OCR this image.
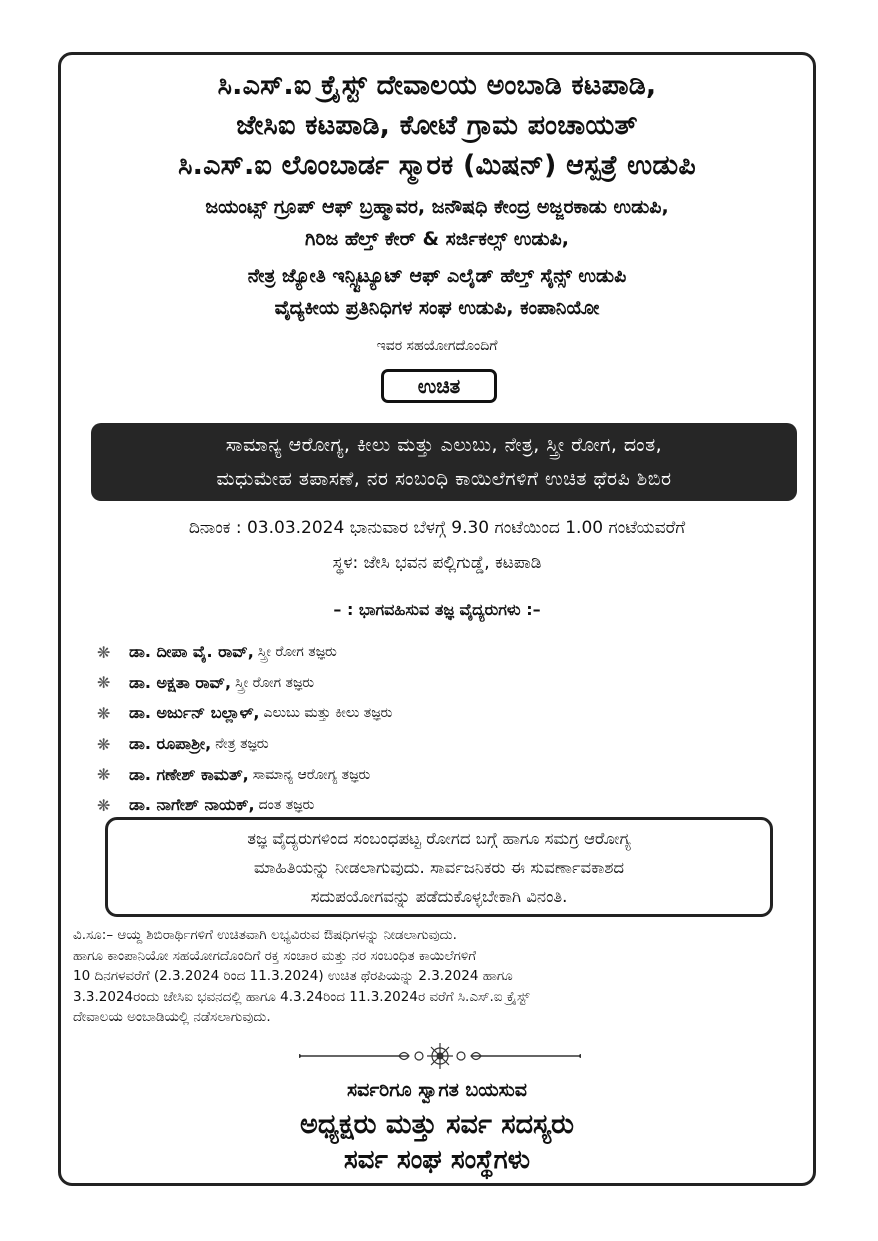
ಸಿ.ಎಸ್.ಐ ಕ್ರೈಸ್ಟ್ ದೇವಾಲಯ ಅಂಬಾಡಿ ಕಟಪಾಡಿ,
ಜೇಸಿಐ ಕಟಪಾಡಿ, ಕೋಟೆ ಗ್ರಾಮ ಪಂಚಾಯತ್
ಸಿ.ಎಸ್.ಐ ಲೊಂಬಾರ್ಡ ಸ್ಮಾರಕ (ಮಿಷನ್) ಆಸ್ಪತ್ರೆ ಉಡುಪಿ
ಜಯಂಟ್ಸ್ ಗ್ರೂಪ್ ಆಫ್ ಬ್ರಹ್ಮಾವರ, ಜನೌಷಧಿ ಕೇಂದ್ರ ಅಜ್ಜರಕಾಡು ಉಡುಪಿ,
ಗಿರಿಜ ಹೆಲ್ತ್ ಕೇರ್ & ಸರ್ಜಿಕಲ್ಸ್ ಉಡುಪಿ,
ನೇತ್ರ ಜ್ಯೋತಿ ಇನ್ಸ್ಟಿಟ್ಯೂಟ್ ಆಫ್ ಎಲೈಡ್ ಹೆಲ್ತ್ ಸೈನ್ಸ್ ಉಡುಪಿ
ವೈದ್ಯಕೀಯ ಪ್ರತಿನಿಧಿಗಳ ಸಂಘ ಉಡುಪಿ, ಕಂಪಾನಿಯೋ
ಇವರ ಸಹಯೋಗದೊಂದಿಗೆ
ಉಚಿತ
ಸಾಮಾನ್ಯ ಆರೋಗ್ಯ, ಕೀಲು ಮತ್ತು ಎಲುಬು, ನೇತ್ರ, ಸ್ತ್ರೀ ರೋಗ, ದಂತ,
ಮಧುಮೇಹ ತಪಾಸಣೆ, ನರ ಸಂಬಂಧಿ ಕಾಯಿಲೆಗಳಿಗೆ ಉಚಿತ ಥೆರಪಿ ಶಿಬಿರ
ದಿನಾಂಕ : 03.03.2024 ಭಾನುವಾರ ಬೆಳಗ್ಗೆ 9.30 ಗಂಟೆಯಿಂದ 1.00 ಗಂಟೆಯವರೆಗೆ
ಸ್ಥಳ: ಜೇಸಿ ಭವನ ಪಲ್ಲಿಗುಡ್ಡೆ, ಕಟಪಾಡಿ
– : ಭಾಗವಹಿಸುವ ತಜ್ಞ ವೈದ್ಯರುಗಳು :–
❋	ಡಾ. ದೀಪಾ ವೈ. ರಾವ್, ಸ್ತ್ರೀ ರೋಗ ತಜ್ಞರು
❋	ಡಾ. ಅಕ್ಷತಾ ರಾವ್, ಸ್ತ್ರೀ ರೋಗ ತಜ್ಞರು
❋	ಡಾ. ಅರ್ಜುನ್ ಬಲ್ಲಾಳ್, ಎಲುಬು ಮತ್ತು ಕೀಲು ತಜ್ಞರು
❋	ಡಾ. ರೂಪಾಶ್ರೀ, ನೇತ್ರ ತಜ್ಞರು
❋	ಡಾ. ಗಣೇಶ್ ಕಾಮತ್, ಸಾಮಾನ್ಯ ಆರೋಗ್ಯ ತಜ್ಞರು
❋	ಡಾ. ನಾಗೇಶ್ ನಾಯಕ್, ದಂತ ತಜ್ಞರು
ತಜ್ಞ ವೈದ್ಯರುಗಳಿಂದ ಸಂಬಂಧಪಟ್ಟ ರೋಗದ ಬಗ್ಗೆ ಹಾಗೂ ಸಮಗ್ರ ಆರೋಗ್ಯ
ಮಾಹಿತಿಯನ್ನು ನೀಡಲಾಗುವುದು. ಸಾರ್ವಜನಿಕರು ಈ ಸುವರ್ಣಾವಕಾಶದ
ಸದುಪಯೋಗವನ್ನು ಪಡೆದುಕೊಳ್ಳಬೇಕಾಗಿ ವಿನಂತಿ.
ವಿ.ಸೂ:– ಆಯ್ದ ಶಿಬಿರಾರ್ಥಿಗಳಿಗೆ ಉಚಿತವಾಗಿ ಲಭ್ಯವಿರುವ ಔಷಧಿಗಳನ್ನು ನೀಡಲಾಗುವುದು.
ಹಾಗೂ ಕಾಂಪಾನಿಯೋ ಸಹಯೋಗದೊಂದಿಗೆ ರಕ್ತ ಸಂಚಾರ ಮತ್ತು ನರ ಸಂಬಂಧಿತ ಕಾಯಿಲೆಗಳಿಗೆ
10 ದಿನಗಳವರೆಗೆ (2.3.2024 ರಿಂದ 11.3.2024) ಉಚಿತ ಥೆರಪಿಯನ್ನು 2.3.2024 ಹಾಗೂ
3.3.2024ರಂದು ಜೇಸಿಐ ಭವನದಲ್ಲಿ ಹಾಗೂ 4.3.24ರಿಂದ 11.3.2024ರ ವರೆಗೆ ಸಿ.ಎಸ್.ಐ ಕ್ರೈಸ್ಟ್
ದೇವಾಲಯ ಅಂಬಾಡಿಯಲ್ಲಿ ನಡೆಸಲಾಗುವುದು.
ಸರ್ವರಿಗೂ ಸ್ವಾಗತ ಬಯಸುವ
ಅಧ್ಯಕ್ಷರು ಮತ್ತು ಸರ್ವ ಸದಸ್ಯರು
ಸರ್ವ ಸಂಘ ಸಂಸ್ಥೆಗಳು
